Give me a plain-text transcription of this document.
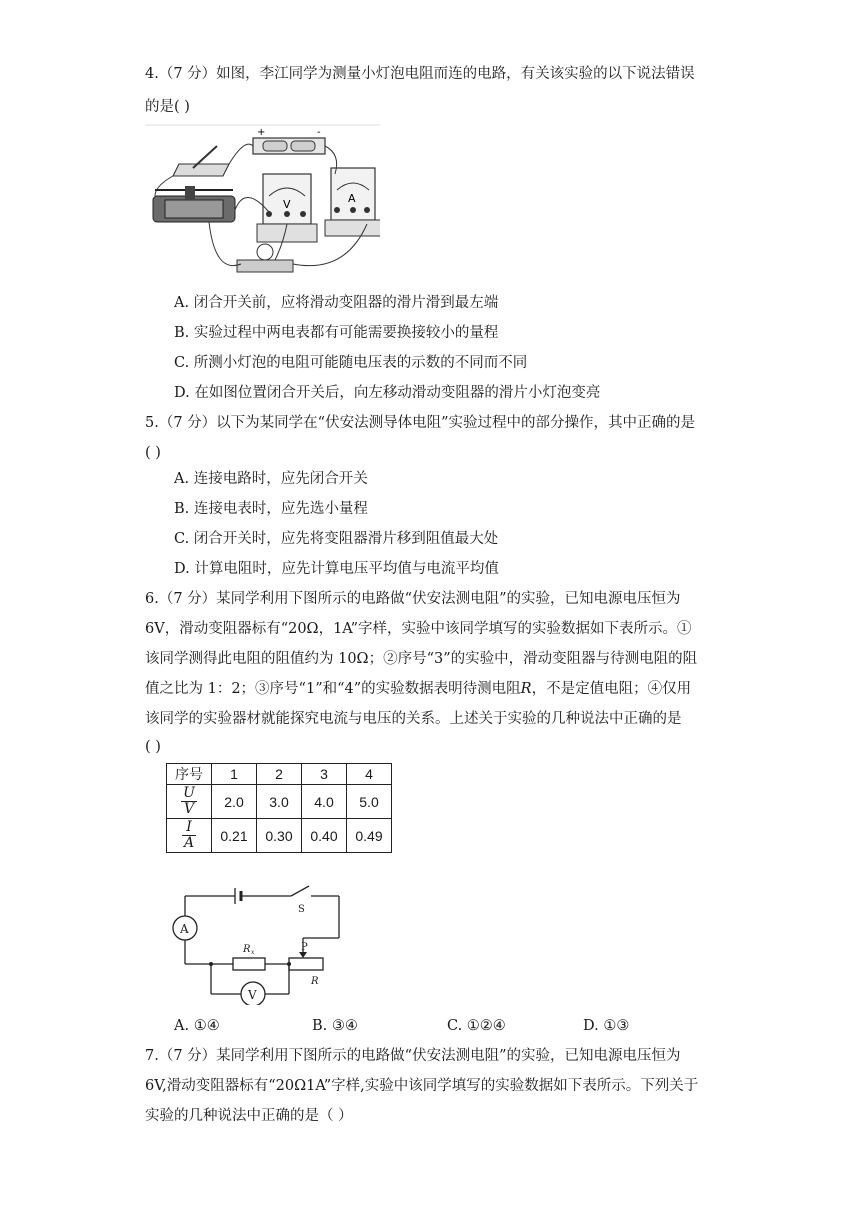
4.（7 分）如图，李江同学为测量小灯泡电阻而连的电路，有关该实验的以下说法错误
的是( )
+	-
V	A
A. 闭合开关前，应将滑动变阻器的滑片滑到最左端
B. 实验过程中两电表都有可能需要换接较小的量程
C. 所测小灯泡的电阻可能随电压表的示数的不同而不同
D. 在如图位置闭合开关后，向左移动滑动变阻器的滑片小灯泡变亮
5.（7 分）以下为某同学在“伏安法测导体电阻”实验过程中的部分操作，其中正确的是
( )
A. 连接电路时，应先闭合开关
B. 连接电表时，应先选小量程
C. 闭合开关时，应先将变阻器滑片移到阻值最大处
D. 计算电阻时，应先计算电压平均值与电流平均值
6.（7 分）某同学利用下图所示的电路做“伏安法测电阻”的实验，已知电源电压恒为
6V，滑动变阻器标有“20Ω，1A”字样，实验中该同学填写的实验数据如下表所示。①
该同学测得此电阻的阻值约为 10Ω；②序号“3”的实验中，滑动变阻器与待测电阻的阻
值之比为 1：2；③序号“1”和“4”的实验数据表明待测电阻R，不是定值电阻；④仅用
该同学的实验器材就能探究电流与电压的关系。上述关于实验的几种说法中正确的是
( )
序号	1	2	3	4

$\frac{U}{V}$	2.0	3.0	4.0	5.0

$\frac{I}{A}$	0.21	0.30	0.40	0.49
A
V
S
P
R
R x
A. ①④	B. ③④	C. ①②④	D. ①③
7.（7 分）某同学利用下图所示的电路做“伏安法测电阻”的实验，已知电源电压恒为
6V,滑动变阻器标有“20Ω1A”字样,实验中该同学填写的实验数据如下表所示。下列关于
实验的几种说法中正确的是（ ）
